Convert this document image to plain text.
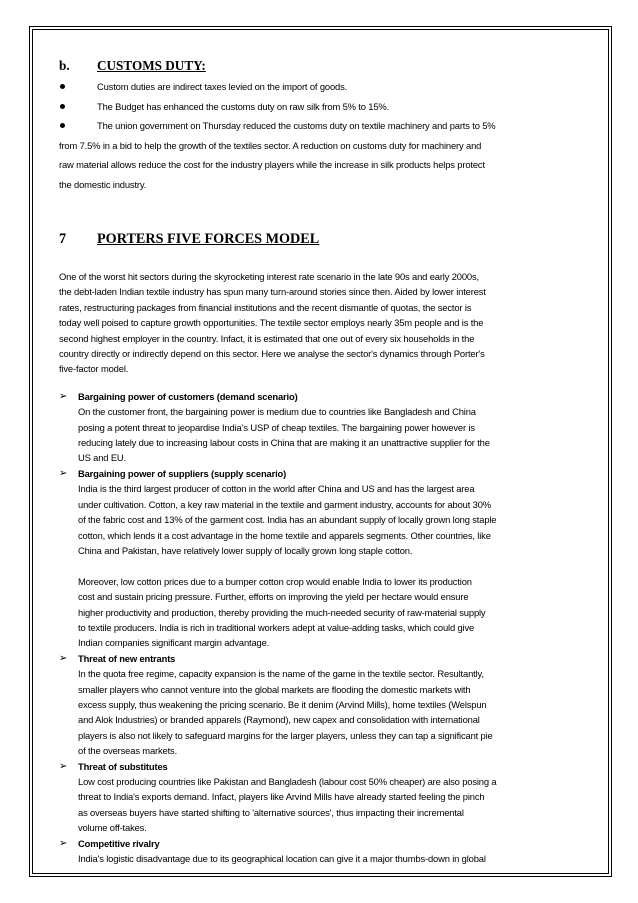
b.	CUSTOMS DUTY:
Custom duties are indirect taxes levied on the import of goods.
The Budget has enhanced the customs duty on raw silk from 5% to 15%.
The union government on Thursday reduced the customs duty on textile machinery and parts to 5%
from 7.5% in a bid to help the growth of the textiles sector. A reduction on customs duty for machinery and
raw material allows reduce the cost for the industry players while the increase in silk products helps protect
the domestic industry.
7	PORTERS FIVE FORCES MODEL
One of the worst hit sectors during the skyrocketing interest rate scenario in the late 90s and early 2000s,
the debt-laden Indian textile industry has spun many turn-around stories since then. Aided by lower interest
rates, restructuring packages from financial institutions and the recent dismantle of quotas, the sector is
today well poised to capture growth opportunities. The textile sector employs nearly 35m people and is the
second highest employer in the country. Infact, it is estimated that one out of every six households in the
country directly or indirectly depend on this sector. Here we analyse the sector's dynamics through Porter's
five-factor model.
➢ Bargaining power of customers (demand scenario)
On the customer front, the bargaining power is medium due to countries like Bangladesh and China
posing a potent threat to jeopardise India’s USP of cheap textiles. The bargaining power however is
reducing lately due to increasing labour costs in China that are making it an unattractive supplier for the
US and EU.
➢ Bargaining power of suppliers (supply scenario)
India is the third largest producer of cotton in the world after China and US and has the largest area
under cultivation. Cotton, a key raw material in the textile and garment industry, accounts for about 30%
of the fabric cost and 13% of the garment cost. India has an abundant supply of locally grown long staple
cotton, which lends it a cost advantage in the home textile and apparels segments. Other countries, like
China and Pakistan, have relatively lower supply of locally grown long staple cotton.
Moreover, low cotton prices due to a bumper cotton crop would enable India to lower its production
cost and sustain pricing pressure. Further, efforts on improving the yield per hectare would ensure
higher productivity and production, thereby providing the much-needed security of raw-material supply
to textile producers. India is rich in traditional workers adept at value-adding tasks, which could give
Indian companies significant margin advantage.
➢ Threat of new entrants
In the quota free regime, capacity expansion is the name of the game in the textile sector. Resultantly,
smaller players who cannot venture into the global markets are flooding the domestic markets with
excess supply, thus weakening the pricing scenario. Be it denim (Arvind Mills), home textiles (Welspun
and Alok Industries) or branded apparels (Raymond), new capex and consolidation with international
players is also not likely to safeguard margins for the larger players, unless they can tap a significant pie
of the overseas markets.
➢ Threat of substitutes
Low cost producing countries like Pakistan and Bangladesh (labour cost 50% cheaper) are also posing a
threat to India's exports demand. Infact, players like Arvind Mills have already started feeling the pinch
as overseas buyers have started shifting to 'alternative sources', thus impacting their incremental
volume off-takes.
➢ Competitive rivalry
India's logistic disadvantage due to its geographical location can give it a major thumbs-down in global
